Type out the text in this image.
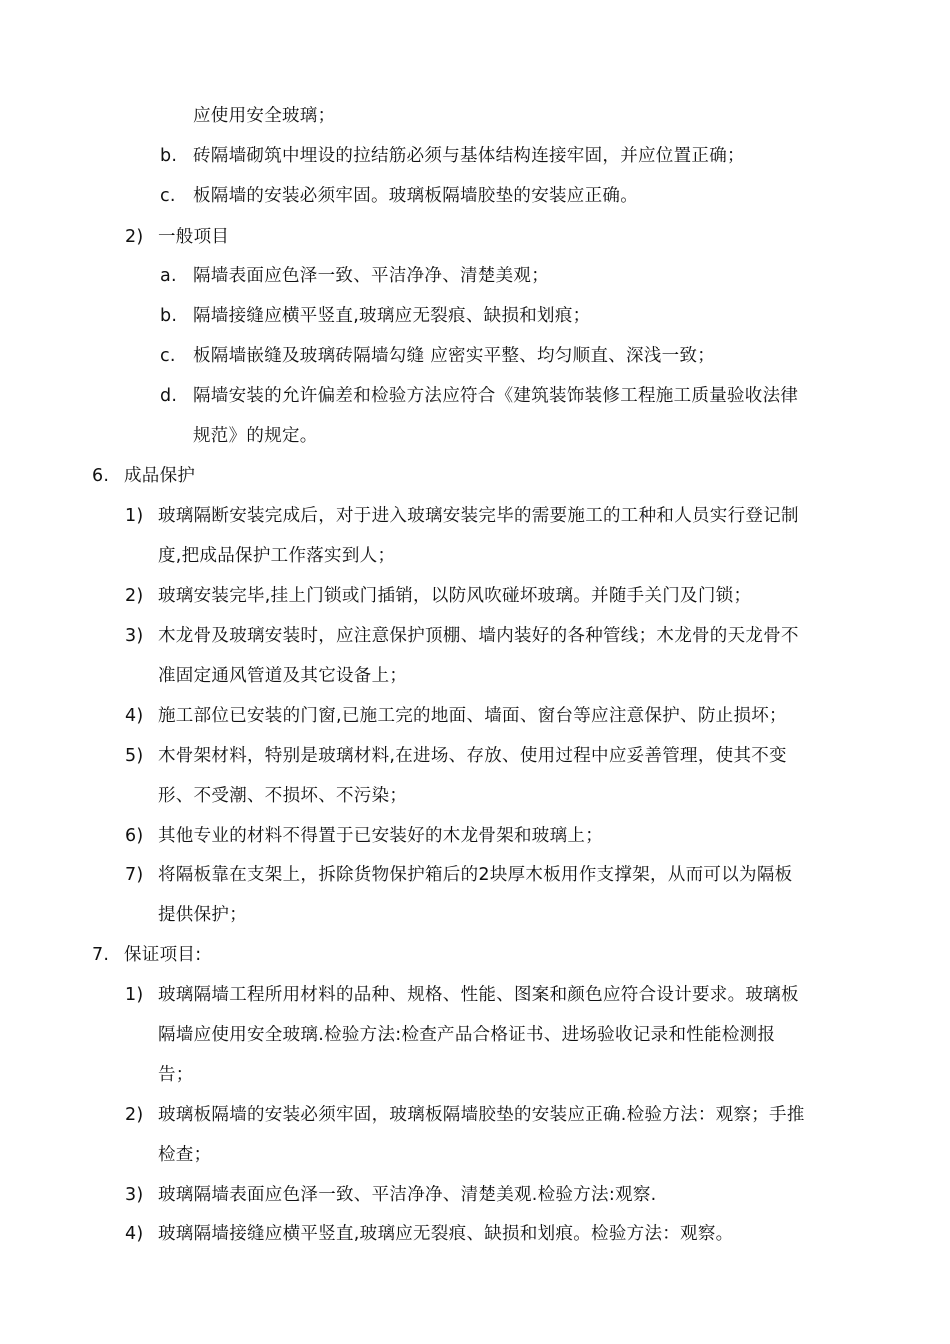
应使用安全玻璃；
b. 砖隔墙砌筑中埋设的拉结筋必须与基体结构连接牢固，并应位置正确；
c. 板隔墙的安装必须牢固。玻璃板隔墙胶垫的安装应正确。
2) 一般项目
a. 隔墙表面应色泽一致、平洁净净、清楚美观；
b. 隔墙接缝应横平竖直,玻璃应无裂痕、缺损和划痕；
c. 板隔墙嵌缝及玻璃砖隔墙勾缝 应密实平整、均匀顺直、深浅一致；
d. 隔墙安装的允许偏差和检验方法应符合《建筑装饰装修工程施工质量验收法律
规范》的规定。
6. 成品保护
1) 玻璃隔断安装完成后，对于进入玻璃安装完毕的需要施工的工种和人员实行登记制
度,把成品保护工作落实到人；
2) 玻璃安装完毕,挂上门锁或门插销，以防风吹碰坏玻璃。并随手关门及门锁；
3) 木龙骨及玻璃安装时，应注意保护顶棚、墙内装好的各种管线；木龙骨的天龙骨不
准固定通风管道及其它设备上；
4) 施工部位已安装的门窗,已施工完的地面、墙面、窗台等应注意保护、防止损坏；
5) 木骨架材料，特别是玻璃材料,在进场、存放、使用过程中应妥善管理，使其不变
形、不受潮、不损坏、不污染；
6) 其他专业的材料不得置于已安装好的木龙骨架和玻璃上；
7) 将隔板靠在支架上，拆除货物保护箱后的2块厚木板用作支撑架，从而可以为隔板
提供保护；
7. 保证项目:
1) 玻璃隔墙工程所用材料的品种、规格、性能、图案和颜色应符合设计要求。玻璃板
隔墙应使用安全玻璃.检验方法:检查产品合格证书、进场验收记录和性能检测报
告；
2) 玻璃板隔墙的安装必须牢固，玻璃板隔墙胶垫的安装应正确.检验方法：观察；手推
检查；
3) 玻璃隔墙表面应色泽一致、平洁净净、清楚美观.检验方法:观察.
4) 玻璃隔墙接缝应横平竖直,玻璃应无裂痕、缺损和划痕。检验方法：观察。
